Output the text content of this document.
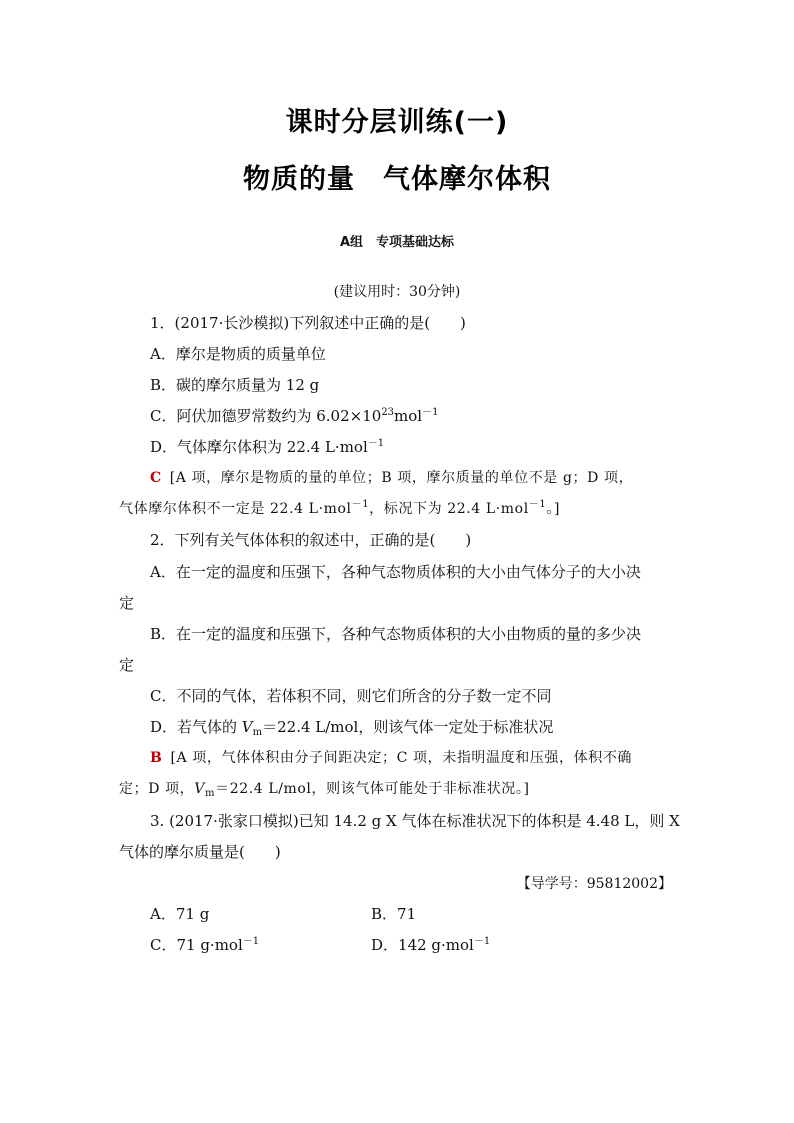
课时分层训练(一)
物质的量　气体摩尔体积
A组　专项基础达标
(建议用时：30分钟)
1．(2017·长沙模拟)下列叙述中正确的是(　　)
A．摩尔是物质的质量单位
B．碳的摩尔质量为 12 g
C．阿伏加德罗常数约为 $6.02\times 10^{23}mol^{-1}$
D．气体摩尔体积为 22.4 L·mol$^{-1}$
C [A 项，摩尔是物质的量的单位；B 项，摩尔质量的单位不是 g；D 项，
气体摩尔体积不一定是 22.4 L·mol$^{-1}$，标况下为 22.4 L·mol$^{-1}$。]
2．下列有关气体体积的叙述中，正确的是(　　)
A．在一定的温度和压强下，各种气态物质体积的大小由气体分子的大小决
定
B．在一定的温度和压强下，各种气态物质体积的大小由物质的量的多少决
定
C．不同的气体，若体积不同，则它们所含的分子数一定不同
D．若气体的 $V_m=22.4$ L/mol，则该气体一定处于标准状况
B [A 项，气体体积由分子间距决定；C 项，未指明温度和压强，体积不确
定；D 项，$V_m=22.4$ L/mol，则该气体可能处于非标准状况。]
3. (2017·张家口模拟)已知 14.2 g X 气体在标准状况下的体积是 4.48 L，则 X
气体的摩尔质量是(　　)
【导学号：95812002】
A．71 g	B．71
C．71 g·mol$^{-1}$	D．142 g·mol$^{-1}$
